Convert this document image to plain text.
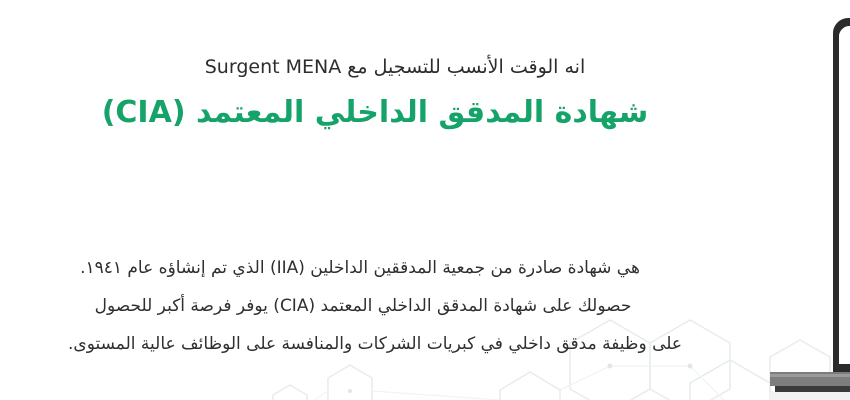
انه الوقت الأنسب للتسجيل مع Surgent MENA
شهادة المدقق الداخلي المعتمد (CIA)
هي شهادة صادرة من جمعية المدققين الداخلين (IIA) الذي تم إنشاؤه عام ١٩٤١.
حصولك على شهادة المدقق الداخلي المعتمد (CIA) يوفر فرصة أكبر للحصول
على وظيفة مدقق داخلي في كبريات الشركات والمنافسة على الوظائف عالية المستوى.
